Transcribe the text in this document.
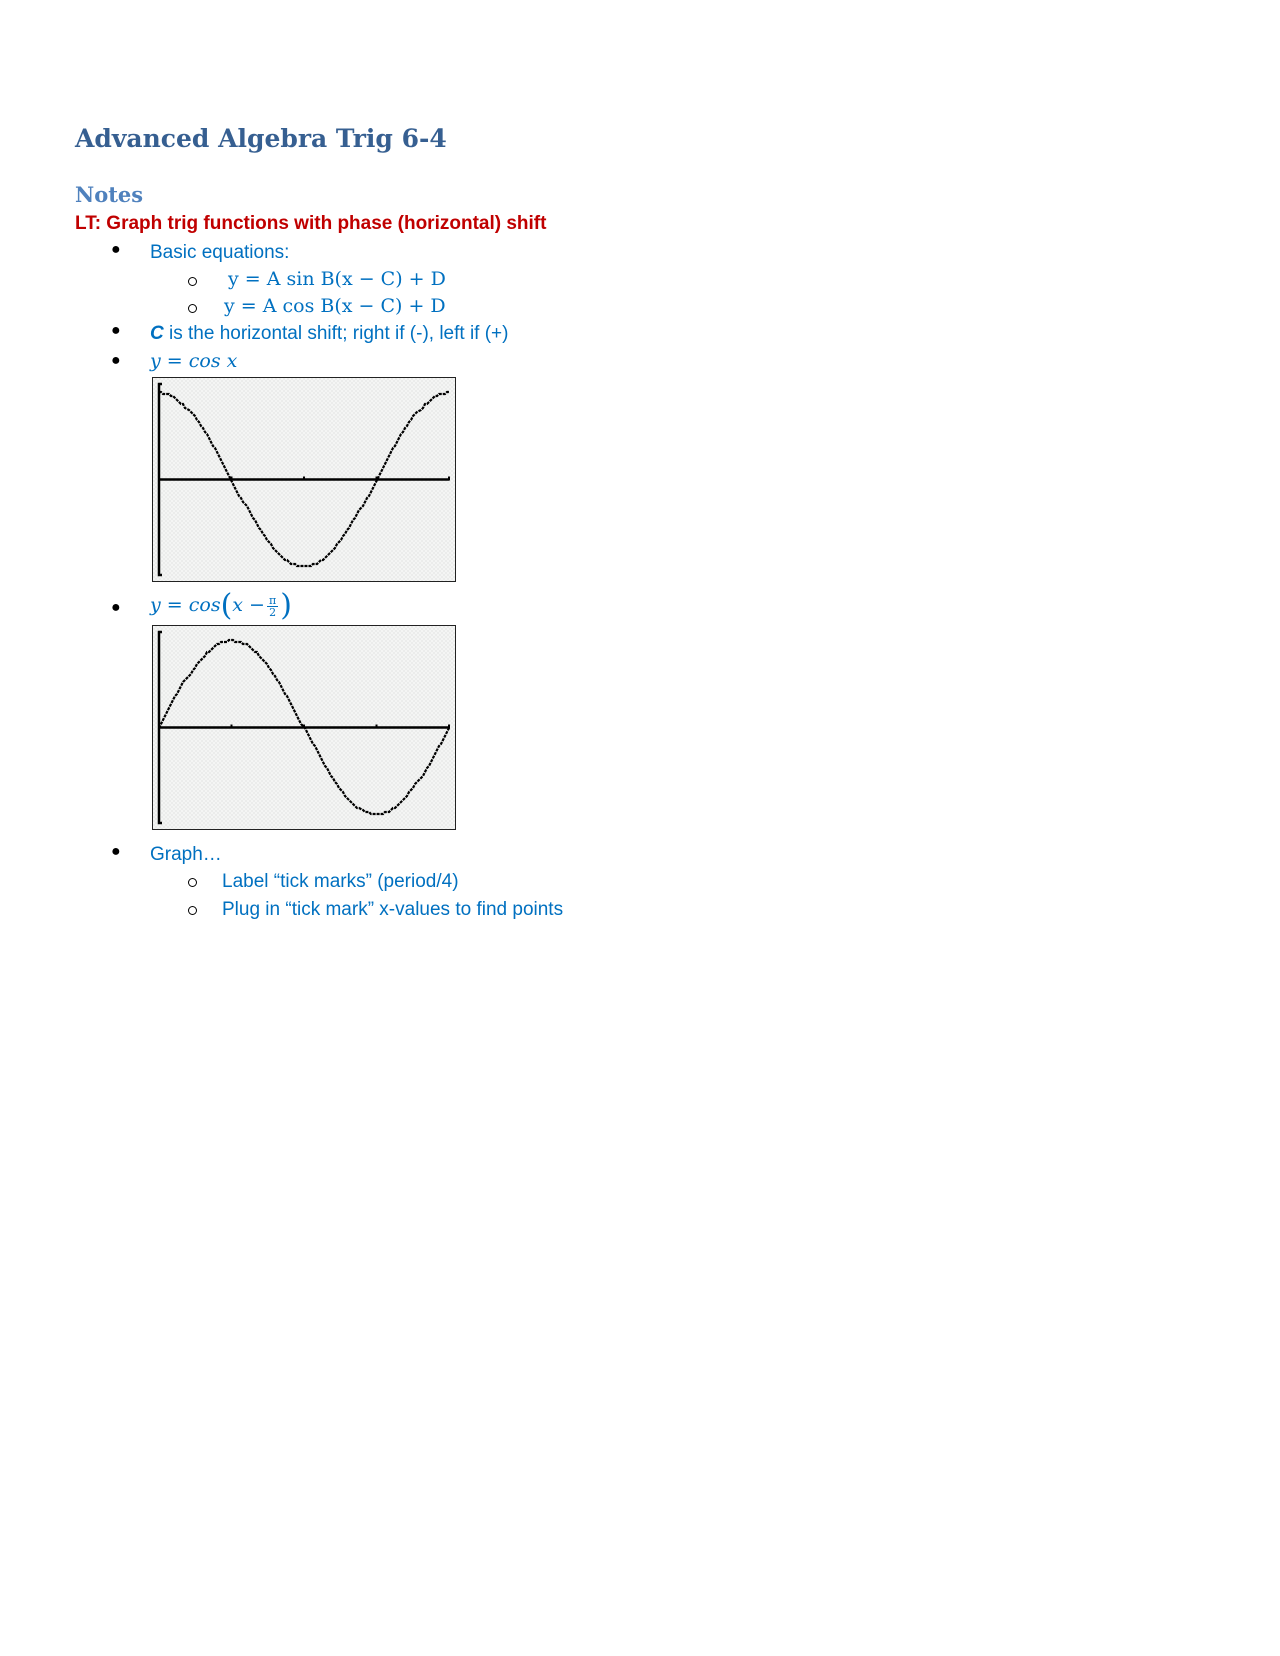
Advanced Algebra Trig 6-4
Notes
LT: Graph trig functions with phase (horizontal) shift
● Basic equations:
y = A sin B(x − C) + D
y = A cos B(x − C) + D
● C is the horizontal shift; right if (-), left if (+)
● y = cos x
● $y = \cos(x - \frac{\pi}{2}$ )
● Graph…
Label “tick marks” (period/4)
Plug in “tick mark” x-values to find points
